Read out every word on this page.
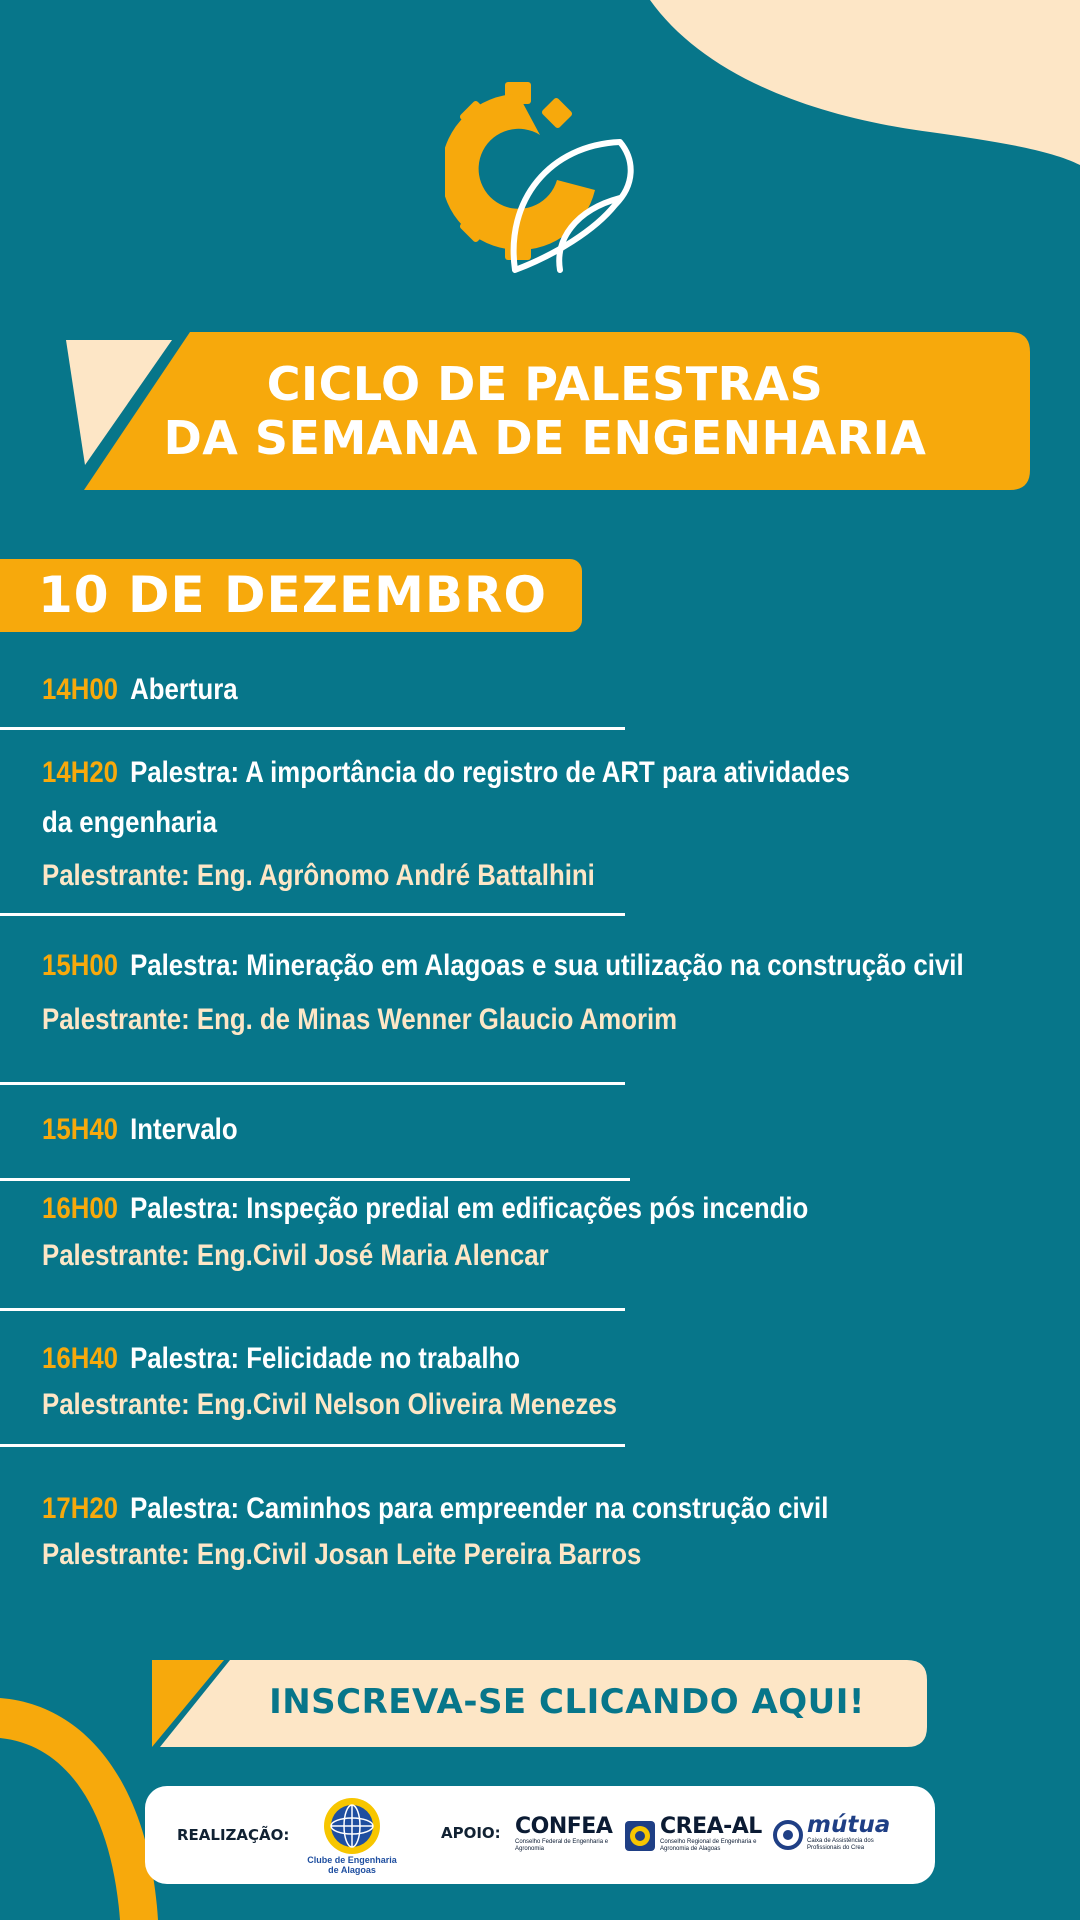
CICLO DE PALESTRAS
DA SEMANA DE ENGENHARIA
10 DE DEZEMBRO
14H00 Abertura
14H20 Palestra: A importância do registro de ART para atividades
da engenharia
Palestrante: Eng. Agrônomo André Battalhini
15H00 Palestra: Mineração em Alagoas e sua utilização na construção civil
Palestrante: Eng. de Minas Wenner Glaucio Amorim
15H40 Intervalo
16H00 Palestra: Inspeção predial em edificações pós incendio
Palestrante: Eng.Civil José Maria Alencar
16H40 Palestra: Felicidade no trabalho
Palestrante: Eng.Civil Nelson Oliveira Menezes
17H20 Palestra: Caminhos para empreender na construção civil
Palestrante: Eng.Civil Josan Leite Pereira Barros
INSCREVA-SE CLICANDO AQUI!
REALIZAÇÃO:
Clube de Engenharia
de Alagoas
APOIO: CONFEA
Conselho Federal de Engenharia e Agronomia
CREA-AL
Conselho Regional de Engenharia e Agronomia de Alagoas
mútua
Caixa de Assistência dos Profissionais do Crea
